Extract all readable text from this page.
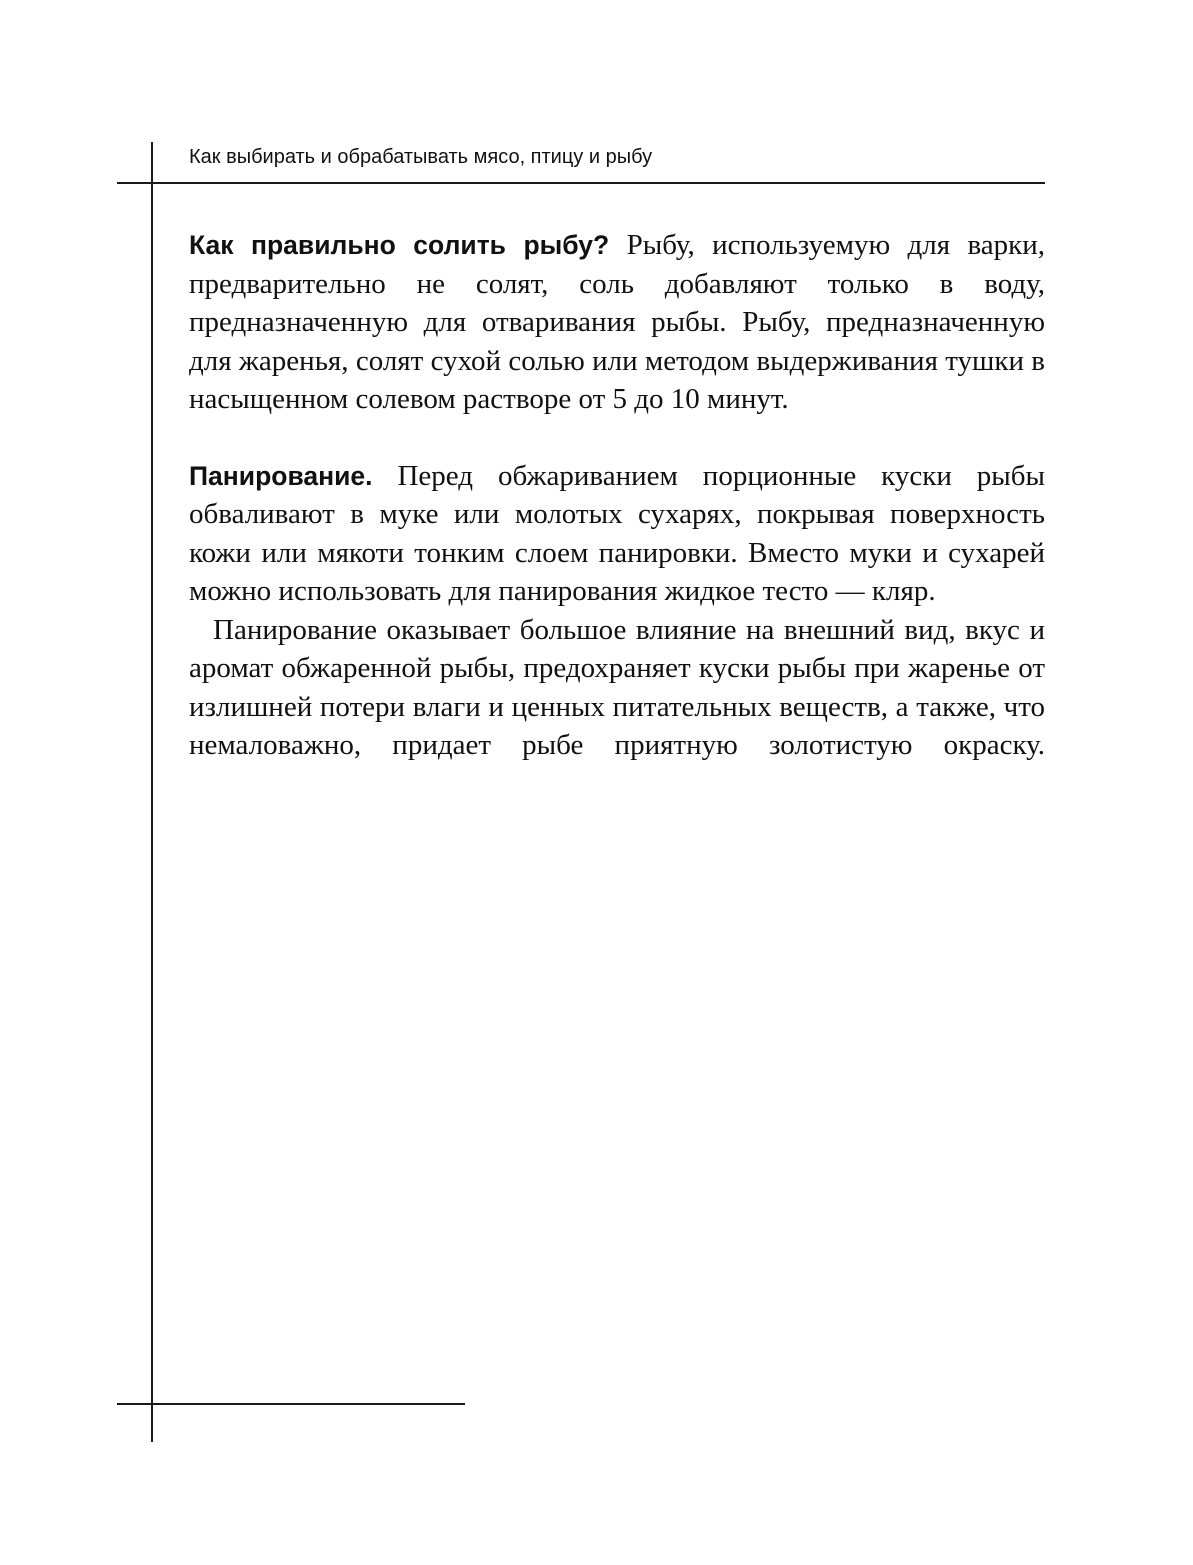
Как выбирать и обрабатывать мясо, птицу и рыбу

Как правильно солить рыбу? Рыбу, используемую для варки, предварительно не солят, соль добавляют только в воду, предназначенную для отваривания рыбы. Рыбу, предназначенную для жаренья, солят сухой солью или методом выдерживания тушки в насыщенном солевом растворе от 5 до 10 минут.

Панирование. Перед обжариванием порционные куски рыбы обваливают в муке или молотых сухарях, покрывая поверхность кожи или мякоти тонким слоем панировки. Вместо муки и сухарей можно использовать для панирования жидкое тесто — кляр.

Панирование оказывает большое влияние на внешний вид, вкус и аромат обжаренной рыбы, предохраняет куски рыбы при жаренье от излишней потери влаги и ценных питательных веществ, а также, что немаловажно, придает рыбе приятную золотистую окраску.
